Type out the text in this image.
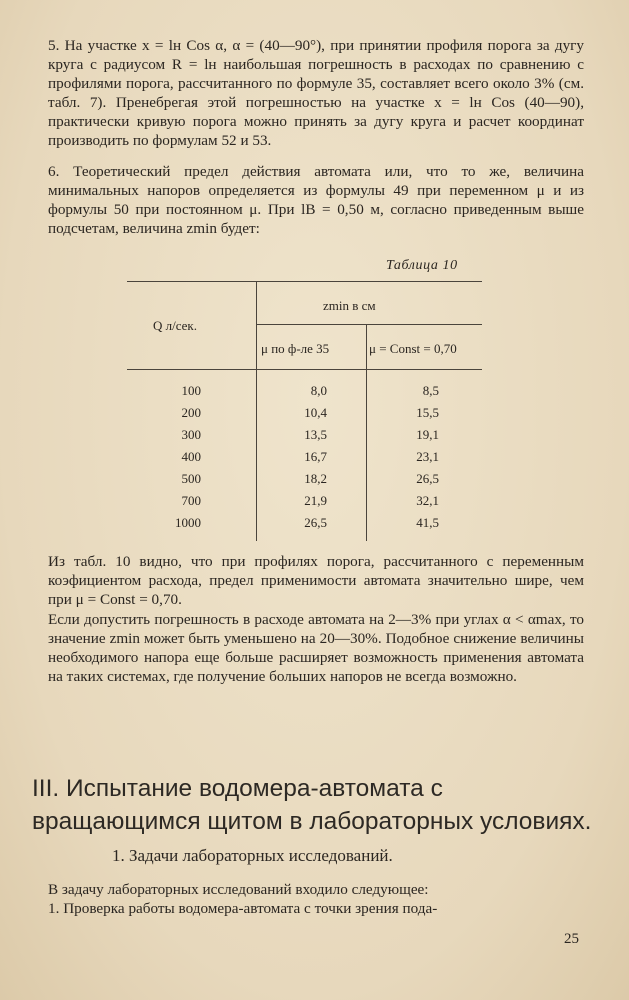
5. На участке x = lн Cos α, α = (40—90°), при принятии профиля порога за дугу круга с радиусом R = lн наибольшая погрешность в расходах по сравнению с профилями порога, рассчитанного по формуле 35, составляет всего около 3% (см. табл. 7). Пренебрегая этой погрешностью на участке x = lн Cos (40—90), практически кривую порога можно принять за дугу круга и расчет координат производить по формулам 52 и 53.

6. Теоретический предел действия автомата или, что то же, величина минимальных напоров определяется из формулы 49 при переменном μ и из формулы 50 при постоянном μ. При lB = 0,50 м, согласно приведенным выше подсчетам, величина zmin будет:

Таблица 10
Q л/сек.
zmin в см
μ по ф-ле 35	μ = Const = 0,70
100	8,0	8,5
200	10,4	15,5
300	13,5	19,1
400	16,7	23,1
500	18,2	26,5
700	21,9	32,1
1000	26,5	41,5

Из табл. 10 видно, что при профилях порога, рассчитанного с переменным коэфициентом расхода, предел применимости автомата значительно шире, чем при μ = Const = 0,70.

Если допустить погрешность в расходе автомата на 2—3% при углах α < αmax, то значение zmin может быть уменьшено на 20—30%. Подобное снижение величины необходимого напора еще больше расширяет возможность применения автомата на таких системах, где получение больших напоров не всегда возможно.

III. Испытание водомера-автомата с вращающимся щитом в лабораторных условиях.
1. Задачи лабораторных исследований.

В задачу лабораторных исследований входило следующее:

1. Проверка работы водомера-автомата с точки зрения пода-

25
